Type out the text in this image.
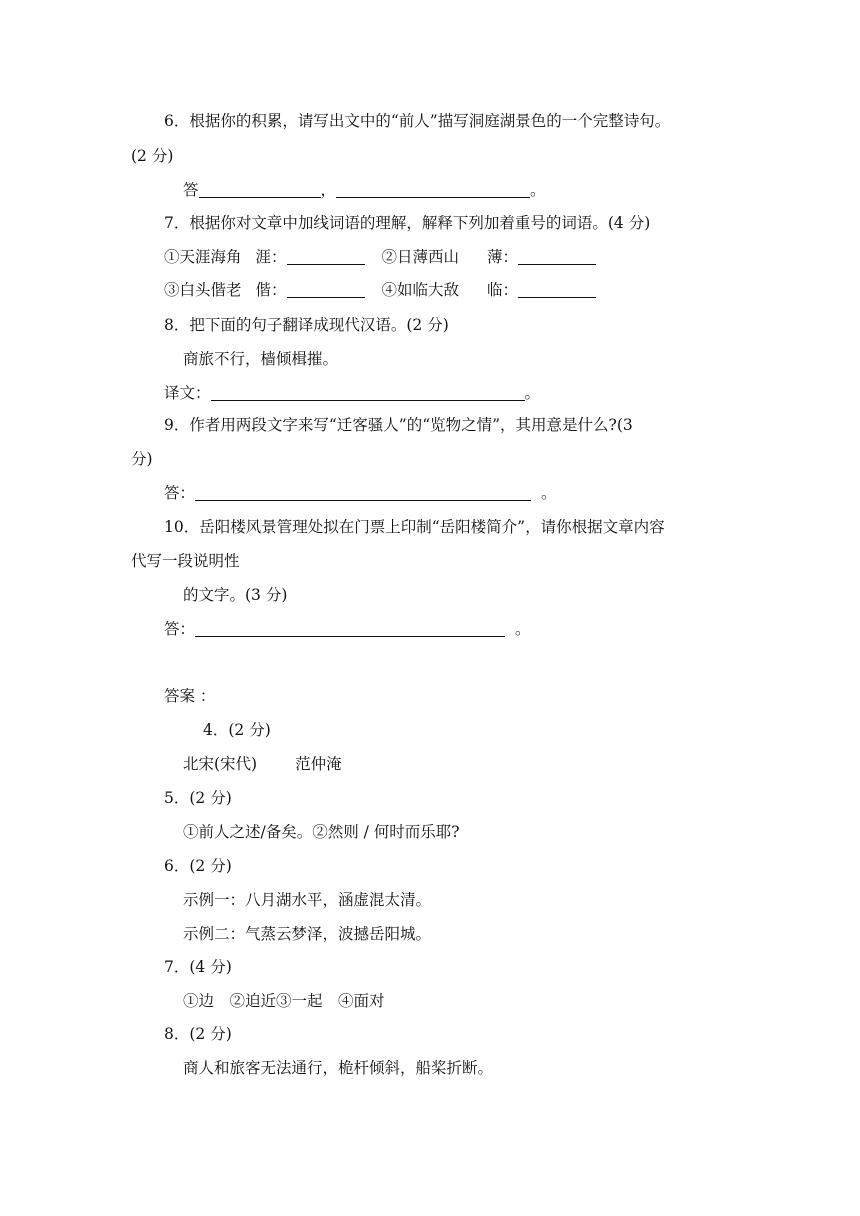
6．根据你的积累，请写出文中的“前人”描写洞庭湖景色的一个完整诗句。
(2 分)
答	，	。
7．根据你对文章中加线词语的理解，解释下列加着重号的词语。(4 分)
①天涯海角 涯：	②日薄西山 薄：
③白头偕老 偕：	④如临大敌 临：
8．把下面的句子翻译成现代汉语。(2 分)
商旅不行，樯倾楫摧。
译文：	。
9．作者用两段文字来写“迁客骚人”的“览物之情”，其用意是什么?(3
分)
答：	。
10．岳阳楼风景管理处拟在门票上印制“岳阳楼简介”，请你根据文章内容
代写一段说明性
的文字。(3 分)
答：	。
答案 ：
4．(2 分)
北宋(宋代) 范仲淹
5．(2 分)
①前人之述/备矣。②然则 / 何时而乐耶?
6．(2 分)
示例一：八月湖水平，涵虚混太清。
示例二：气蒸云梦泽，波撼岳阳城。
7．(4 分)
①边　②迫近③一起　④面对
8．(2 分)
商人和旅客无法通行，桅杆倾斜，船桨折断。
